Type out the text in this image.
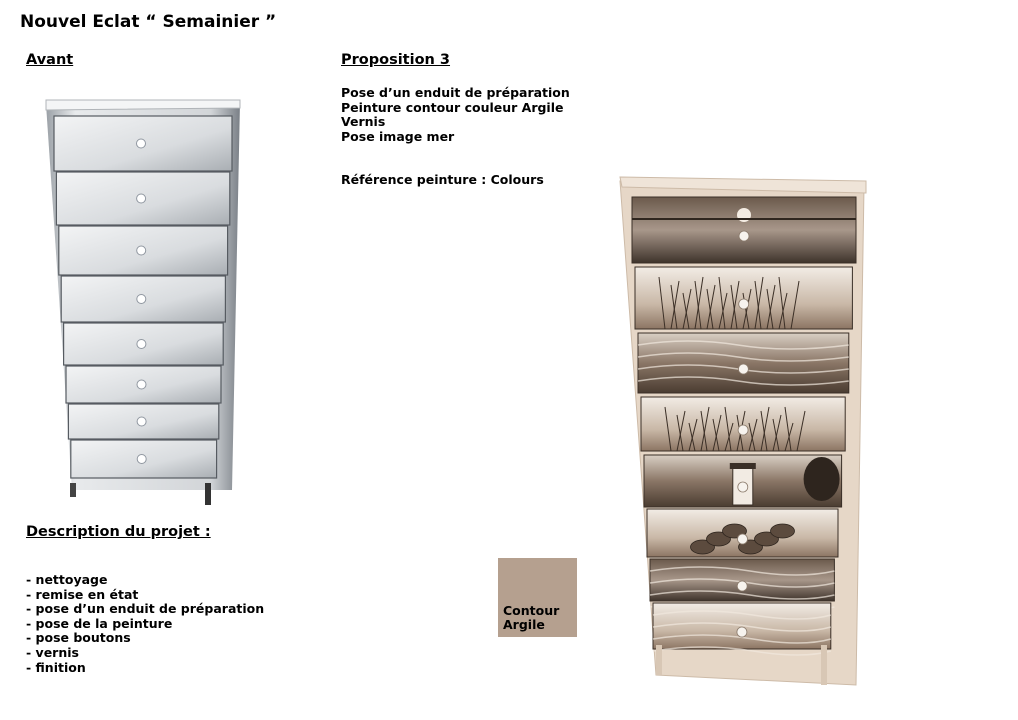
Nouvel Eclat “ Semainier ”
Avant	Proposition 3
Pose d’un enduit de préparation
Peinture contour couleur Argile
Vernis
Pose image mer

Référence peinture : Colours

Description du projet :
- nettoyage
- remise en état
- pose d’un enduit de préparation
- pose de la peinture
- pose boutons
- vernis
- finition
Contour
Argile
